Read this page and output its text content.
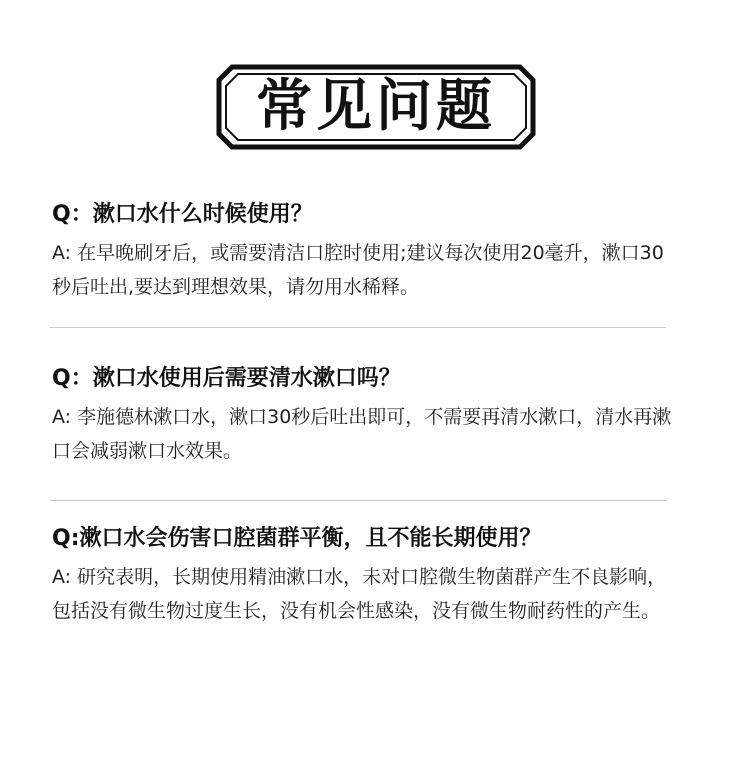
常见问题
Q：漱口水什么时候使用？
A: 在早晚刷牙后，或需要清洁口腔时使用;建议每次使用20毫升，漱口30秒后吐出,要达到理想效果，请勿用水稀释。
Q：漱口水使用后需要清水漱口吗？
A: 李施德林漱口水，漱口30秒后吐出即可，不需要再清水漱口，清水再漱口会减弱漱口水效果。
Q:漱口水会伤害口腔菌群平衡，且不能长期使用？
A: 研究表明，长期使用精油漱口水，未对口腔微生物菌群产生不良影响，包括没有微生物过度生长，没有机会性感染，没有微生物耐药性的产生。
